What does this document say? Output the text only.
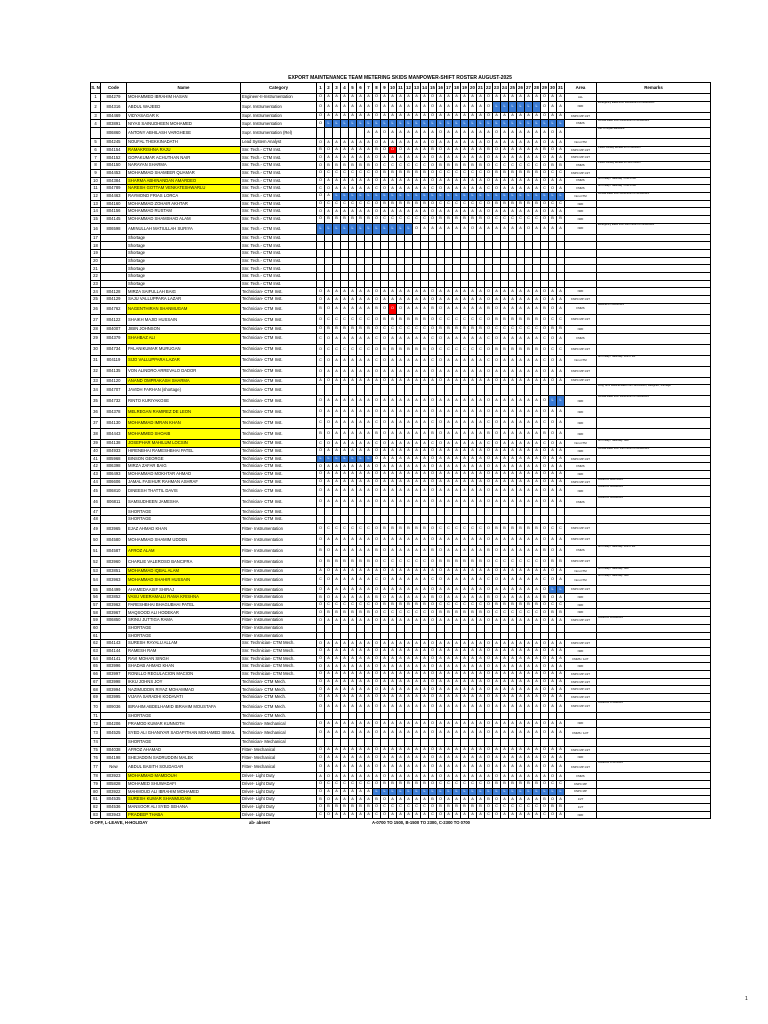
EXPORT MAINTENANCE TEAM METERING SKIDS MANPOWER-SHIFT ROSTER AUGUST-2025
S. N	Code	Name	Category	1	2	3	4	5	6	7	8	9	10	11	12	13	14	15	16	17	18	19	20	21	22	23	24	25	26	27	28	29	30	31	Area	Remarks
1	804279	MOHAMMED IBRAHIM HASAN	Engineer-II-Instrumentation	O	A	A	A	A	A	A	O	A	A	A	A	A	A	O	A	A	A	A	A	A	O	A	A	A	A	A	A	O	A	A	ALL	
2	804316	ABDUL WAJEED	Supr. Instrumentation	O	A	A	A	A	A	A	O	A	A	A	A	A	A	O	A	A	A	A	A	A	O	L	L	L	L	L	L	O	A	A	NRF	Emergency leave-from 18/08/2025 to 28/08/2025
3	804469	VIDYASAGAR K	Supr. Instrumentation	O	A	A	A	A	A	A	O	A	A	A	A	A	A	O	A	A	A	A	A	A	O	A	A	A	A	A	A	O	A	A	KNPC MP 1/2T	
4	803891	NIYAS SAINUDHEEN MOHAMED	Supr. Instrumentation	O	L	L	L	L	L	L	L	L	L	L	L	L	L	L	L	L	L	L	L	L	L	L	L	L	L	L	L	L	L	L	FMMS	Annual leave from 03/08/2025 to 10/09/2025
	806860	ANTONY ABHILASH VARGHESE	Supr. Instrumentation (Rel)							A	A	O	A	A	A	A	A	A	O	A	A	A	A	A	A	O	A	A	A	A	A	A	O	A		Rel. of Niyas Sainudhe
5	804245	NOUFAL THEKKINADATH	Lead System Analyst	O	A	A	A	A	A	A	O	A	A	A	A	A	A	O	A	A	A	A	A	A	O	A	A	A	A	A	A	O	A	A	Non-CTM	
6	804154	RAMAKRISHNA RAJU	Snr. Tech.- CTM Inst.	B	O	A	A	A	A	A	B	O	O	O	A	A	A	B	O	A	A	A	A	A	B	O	A	A	A	A	A	B	O	A	KNPC MP 1/2T	Public holiday worked on 07/08/2025
7	804152	GOPAKUMAR ACHUTHAN NAIR	Snr. Tech.- CTM Inst.	O	A	A	A	A	A	A	O	A	A	A	A	A	A	O	A	A	A	A	A	A	O	A	A	A	A	A	A	O	A	A	KNPC MP 1/2T	
8	804150	NARAYAN SHARMA	Snr. Tech.- CTM Inst.	O	B	B	B	B	B	B	O	C	C	C	C	C	C	O	B	B	B	B	B	B	O	C	C	C	C	C	C	O	B	B	FMMS	Public holiday worked on 31/07/2025
9	804453	MOHAMMAD SHAMEER QUAMAR	Snr. Tech.- CTM Inst.	O	C	C	C	C	C	C	O	B	B	B	B	B	B	O	C	C	C	C	C	C	O	B	B	B	B	B	B	O	C	C	KNPC MP 1/2T	
10	804384	SHARMA ABHINANDAN AMARDEO	Snr. Tech.- CTM Inst.	O	A	A	A	A	A	A	O	A	A	A	A	A	A	O	A	A	A	A	A	A	O	A	A	A	A	A	A	O	A	A	FMMS	8hr Friday / Saturday - KNPC MP
11	804789	NARESH GOTTAM VENKATESHWARLU	Snr. Tech.- CTM Inst.	C	O	A	A	A	A	A	C	O	A	A	A	A	A	C	O	A	A	A	A	A	C	O	A	A	A	A	A	C	O	A	FMMS	8hr Friday / Saturday - KNPC MP
12	804463	RAYMOND FRIAS LORCA	Snr. Tech.- CTM Inst.	O	A	L	L	L	L	L	L	L	L	L	L	L	L	L	L	L	L	L	L	L	L	L	L	L	L	L	L	L	L	L	Non-CTM	Annual leave from 02/08/2025 to 10/09/2025
13	804160	MOHAMMAD ZOHAIR AKHTAR	Snr. Tech.- CTM Inst.	O	C	C	C	C	C	C	O	B	B	B	B	B	B	O	C	C	C	C	C	C	O	B	B	B	B	B	B	O	C	C	NRF	
14	804156	MOHAMMAD RUSTAM	Snr. Tech.- CTM Inst.	O	A	A	A	A	A	A	O	A	A	A	A	A	A	O	A	A	A	A	A	A	O	A	A	A	A	A	A	O	A	A	NRF	
15	804145	MOHAMMAD SHAMSHAD ALAM	Snr. Tech.- CTM Inst.	O	B	B	B	B	B	B	O	C	C	C	C	C	C	O	B	B	B	B	B	B	O	C	C	C	C	C	C	O	B	B	NRF	
16	806598	AMINULLAH MATIULLAH SURIYA	Snr. Tech.- CTM Inst.	L	L	L	L	L	L	L	L	L	L	L	L	O	A	A	A	A	A	A	O	A	A	A	A	A	A	O	A	A	A	A	NRF	Emergency leave from 28/07/2025 to 12/08/2025
17		Shortage	Snr. Tech.- CTM Inst.																																	
18		Shortage	Snr. Tech.- CTM Inst.																																	
19		Shortage	Snr. Tech.- CTM Inst.																																	
20		Shortage	Snr. Tech.- CTM Inst.																																	
21		Shortage	Snr. Tech.- CTM Inst.																																	
22		Shortage	Snr. Tech.- CTM Inst.																																	
23		Shortage	Snr. Tech.- CTM Inst.																																	
24	804128	MIRZA SAIFULLAH BAIG	Technician- CTM Inst.	O	A	A	A	A	A	A	O	A	A	A	A	A	A	O	A	A	A	A	A	A	O	A	A	A	A	A	A	O	A	A	NRF	
25	804129	SAJU VALLUPPARA LAZAR	Technician- CTM Inst.	O	A	A	A	A	A	A	O	A	A	A	A	A	A	O	A	A	A	A	A	A	O	A	A	A	A	A	A	O	A	A	KNPC MP 1/2T	
26	804762	NAGENTHIRAN SHANMUGAM	Technician- CTM Inst.	B	O	A	A	A	A	A	B	O	O	O	A	A	A	B	O	A	A	A	A	A	B	O	A	A	A	A	A	B	O	A	FMMS	Medical on 11/08/2025
27	804122	SHAIKH MAJID HUSSAIN	Technician- CTM Inst.	O	C	C	C	C	C	C	O	B	B	B	B	B	B	O	C	C	C	C	C	C	O	B	B	B	B	B	B	O	C	C	KNPC MP 1/2T	
28	804007	JIBIN JOHNSON	Technician- CTM Inst.	O	B	B	B	B	B	B	O	C	C	C	C	C	C	O	B	B	B	B	B	B	O	C	C	C	C	C	C	O	B	B	NRF	
29	804379	SHAHBAZ ALI	Technician- CTM Inst.	C	O	A	A	A	A	A	C	O	A	A	A	A	A	C	O	A	A	A	A	A	C	O	A	A	A	A	A	C	O	A	FMMS	
30	804734	PALANIKUMAR MURUGAN	Technician- CTM Inst.	O	C	C	C	C	C	C	O	B	B	B	B	B	B	O	C	C	C	C	C	C	O	B	B	B	B	B	B	O	C	C	KNPC MP 1/2T	
31	804119	SIJO VALLUPPARA LAZAR	Technician- CTM Inst.	C	O	A	A	A	A	A	C	O	A	A	A	A	A	C	O	A	A	A	A	A	C	O	A	A	A	A	A	C	O	A	Non-CTM	8hr Friday / Saturday- KNPC MP
32	804135	VON ALINDRO ARREVALO DADOR	Technician- CTM Inst.	O	A	A	A	A	A	A	O	A	A	A	A	A	A	O	A	A	A	A	A	A	O	A	A	A	A	A	A	O	A	A	KNPC MP 1/2T	
33	804120	ANAND OMPRAKASH SHARMA	Technician- CTM Inst.	A	O	A	A	A	A	A	A	O	A	A	A	A	A	A	O	A	A	A	A	A	A	O	A	A	A	A	A	A	O	A	KNPC MP 1/2T	
34	804707	JAVIDH FARHAN (shortage)	Technician- CTM Inst.																																	Long Term Medical leave from 12/05/2025, Resigned, Shortage
35	804732	RINTO KURIYAKOSE	Technician- CTM Inst.	O	A	A	A	A	A	A	O	A	A	A	A	A	A	O	A	A	A	A	A	A	O	A	A	A	A	A	A	O	L	L	NRF	Annual leave from 30/08/2025 to 11/09/2025
36	804378	MELREGAN RAMIREZ DE LEON	Technician- CTM Inst.	O	A	A	A	A	A	A	O	A	A	A	A	A	A	O	A	A	A	A	A	A	O	A	A	A	A	A	A	O	A	A	NRF	
37	804130	MOHAMMAD IMRAN KHAN	Technician- CTM Inst.	C	O	A	A	A	A	A	C	O	A	A	A	A	A	C	O	A	A	A	A	A	C	O	A	A	A	A	A	C	O	A	NRF	
38	804443	MOHAMMED SHOAIB	Technician- CTM Inst.	B	O	A	A	A	A	A	B	O	A	A	A	A	A	B	O	A	A	A	A	A	B	O	A	A	A	A	A	B	O	A	NRF	
39	804138	JOSEPHAR MAHILUM LOCSIN	Technician- CTM Inst.	C	O	A	A	A	A	A	C	O	A	A	A	A	A	C	O	A	A	A	A	A	C	O	A	A	A	A	A	C	O	A	Non-CTM	8hr Friday / Saturday- NRF
40	804933	HIRENBHAI RAMESHBHAI PATEL	Technician- CTM Inst.	O	A	A	A	A	A	A	O	A	A	A	A	A	A	O	A	A	A	A	A	A	O	A	A	A	A	A	A	O	A	A	NRF	Annual leave from 14/07/2025 to 04/08/2025
41	805968	BINSON GEORGE	Technician- CTM Inst.	L	L	L	L	L	L	L	O	A	A	A	A	A	A	O	A	A	A	A	A	A	O	A	A	A	A	A	A	O	A	A	KNPC MP 1/2T	
42	806398	MIRZA ZAFAR BAIG	Technician- CTM Inst.	O	A	A	A	A	A	A	O	A	A	A	A	A	A	O	A	A	A	A	A	A	O	A	A	A	A	A	A	O	A	A	FMMS	
43	806493	MOHAMMAD MOKHTAR AHMAD	Technician- CTM Inst.	O	A	A	A	A	A	A	O	A	A	A	A	A	A	O	A	A	A	A	A	A	O	A	A	A	A	A	A	O	A	A	NRF	
44	806606	JAMAL FASIHUR RAHMAN ASHRAF	Technician- CTM Inst.	O	A	A	A	A	A	A	O	A	A	A	A	A	A	O	A	A	A	A	A	A	O	A	A	A	A	A	A	O	A	A	KNPC MP 1/2T	Joined on 30/07/2025
45	806810	DINEESH THATTIL DAVIS	Technician- CTM Inst.	O	A	A	A	A	A	A	O	A	A	A	A	A	A	O	A	A	A	A	A	A	O	A	A	A	A	A	A	O	A	A	NRF	Joined on 06/08/2025
46	806811	SAMSUDHEEN JAMESHA	Technician- CTM Inst.	O	A	A	A	A	A	A	O	A	A	A	A	A	A	O	A	A	A	A	A	A	O	A	A	A	A	A	A	O	A	A	FMMS	Joined on 06/08/2025
47		SHORTAGE	Technician- CTM Inst.																																	
48		SHORTAGE	Technician- CTM Inst.																																	
49	803965	EJAZ AHMAD KHAN	Fitter- Instrumentation	O	C	C	C	C	C	C	O	B	B	B	B	B	B	O	C	C	C	C	C	C	O	B	B	B	B	B	B	O	C	C	KNPC MP 1/2T	
50	804580	MOHAMMAD SHAMIM UDDEN	Fitter- Instrumentation	O	A	A	A	A	A	A	O	A	A	A	A	A	A	O	A	A	A	A	A	A	O	A	A	A	A	A	A	O	A	A	KNPC MP 1/2T	
51	804587	AFROZ ALAM	Fitter- Instrumentation	B	O	A	A	A	A	A	B	O	A	A	A	A	A	B	O	A	A	A	A	A	B	O	A	A	A	A	A	B	O	A	FMMS	8hr Friday / Saturday- KNPC MP
52	803960	CHARLIE VALEROSO BANCIFRA	Fitter- Instrumentation	O	B	B	B	B	B	B	O	C	C	C	C	C	C	O	B	B	B	B	B	B	O	C	C	C	C	C	C	O	B	B	KNPC MP 1/2T	
53	803851	MOHAMMAD IQBAL ALAM	Fitter- Instrumentation	A	O	A	A	A	A	A	A	O	A	A	A	A	A	A	O	A	A	A	A	A	A	O	A	A	A	A	A	A	O	A	Non-CTM	8hr Friday / Saturday- NRF
54	803963	MOHAMMAD SHAHIR HUSSAIN	Fitter- Instrumentation	C	O	A	A	A	A	A	C	O	A	A	A	A	A	C	O	A	A	A	A	A	C	O	A	A	A	A	A	C	O	A	Non-CTM	8hr Friday / Saturday- NRF
55	804499	AHAMEDAASIF SHIRAJ	Fitter- Instrumentation	O	A	A	A	A	A	A	O	A	A	A	A	A	A	O	A	A	A	A	A	A	O	A	A	A	A	A	A	O	L	L	KNPC MP 1/2T	
56	803852	VASU VEERAMALU RAMA KRISHNA	Fitter- Instrumentation	B	O	A	A	A	A	A	B	O	A	A	A	A	A	B	O	A	A	A	A	A	B	O	A	A	A	A	A	B	O	A	NRF	
57	803962	PARESHBHAI BHAGUBHAI PATEL	Fitter- Instrumentation	O	C	C	C	C	C	C	O	B	B	B	B	B	B	O	C	C	C	C	C	C	O	B	B	B	B	B	B	O	C	C	NRF	
58	803967	MAQSOOD ALI HODEKAR	Fitter- Instrumentation	O	B	B	B	B	B	B	O	C	C	C	C	C	C	O	B	B	B	B	B	B	O	C	C	C	C	C	C	O	B	B	NRF	
59	806850	SRINU JUTTIGA RAMA	Fitter- Instrumentation	O	A	A	A	A	A	A	O	A	A	A	A	A	A	O	A	A	A	A	A	A	O	A	A	A	A	A	A	O	A	A	KNPC MP 1/2T	Joined on 12/08/2025
60		SHORTAGE	Fitter- Instrumentation																																	
61		SHORTAGE	Fitter- Instrumentation																																	
62	804143	SURESH RAYALU ALLAM	Snr. Technician- CTM Mech.	O	A	A	A	A	A	A	O	A	A	A	A	A	A	O	A	A	A	A	A	A	O	A	A	A	A	A	A	O	A	A	KNPC MP 1/2T	
63	804144	RAMESH RAM	Snr. Technician- CTM Mech.	O	A	A	A	A	A	A	O	A	A	A	A	A	A	O	A	A	A	A	A	A	O	A	A	A	A	A	A	O	A	A	NRF	
64	804141	RAVI MOHAN SINGH	Snr. Technician- CTM Mech.	O	A	A	A	A	A	A	O	A	A	A	A	A	A	O	A	A	A	A	A	A	O	A	A	A	A	A	A	O	A	A	FMMS / 1/2T	
65	803996	SHADAB AHMAD KHAN	Snr. Technician- CTM Mech.	O	A	A	A	A	A	A	O	A	A	A	A	A	A	O	A	A	A	A	A	A	O	A	A	A	A	A	A	O	A	A	NRF	
66	803997	RONILLO REGULACION MACION	Snr. Technician- CTM Mech.	O	A	A	A	A	A	A	O	A	A	A	A	A	A	O	A	A	A	A	A	A	O	A	A	A	A	A	A	O	A	A	KNPC MP 1/2T	
67	803998	IKKU JOHNS JOY	Technician- CTM Mech.	O	A	A	A	A	A	A	O	A	A	A	A	A	A	O	A	A	A	A	A	A	O	A	A	A	A	A	A	O	A	A	KNPC MP 1/2T	
68	803994	NAZIMUDDIN RIYAZ MOHAMMAD	Technician- CTM Mech.	O	A	A	A	A	A	A	O	A	A	A	A	A	A	O	A	A	A	A	A	A	O	A	A	A	A	A	A	O	A	A	KNPC MP 1/2T	
69	803995	VIJAYA SARADHI KODAVATI	Technician- CTM Mech.	O	A	A	A	A	A	A	O	A	A	A	A	A	A	O	A	A	A	A	A	A	O	A	A	A	A	A	A	O	A	A	KNPC MP 1/2T	
70	809036	IBRAHIM ABDELHAMID IBRAHIM MOUSTAFA	Technician- CTM Mech.	O	A	A	A	A	A	A	O	A	A	A	A	A	A	O	A	A	A	A	A	A	O	A	A	A	A	A	A	O	A	A	KNPC MP 1/2T	Joined on 07/08/2025
71		SHORTAGE	Technician- CTM Mech.																																	
72	804206	PRAMOD KUMAR KUNNOTH	Technician- Mechanical	O	A	A	A	A	A	A	O	A	A	A	A	A	A	O	A	A	A	A	A	A	O	A	A	A	A	A	A	O	A	A	NRF	
73	804525	SYED ALI GHANIYAR SADAPITHAN MOHAMED ISMAIL	Technician- Mechanical	O	A	A	A	A	A	A	O	A	A	A	A	A	A	O	A	A	A	A	A	A	O	A	A	A	A	A	A	O	A	A	FMMS / 1/2T	
74		SHORTAGE	Technician- Mechanical																																	
75	804038	AFROZ AHAMAD	Fitter- Mechanical	O	A	A	A	A	A	A	O	A	A	A	A	A	A	O	A	A	A	A	A	A	O	A	A	A	A	A	A	O	A	A	KNPC MP 1/2T	
76	804198	SHEJADDIN SADRUDDIN MALEK	Fitter- Mechanical	O	A	A	A	A	A	A	O	A	A	A	A	A	A	O	A	A	A	A	A	A	O	A	A	A	A	A	A	O	A	A	NRF	
77	New	ABDUL BASITH SOUDAGAR	Fitter- Mechanical	O	A	A	A	A	A	A	O	A	A	A	A	A	A	O	A	A	A	A	A	A	O	A	A	A	A	A	A	O	A	A	KNPC MP 1/2T	Joined on 07/07/2025
78	803923	MOHAMMAD MAMDOUH	Driver- Light Duty	A	O	A	A	A	A	A	A	O	A	A	A	A	A	A	O	A	A	A	A	A	A	O	A	A	A	A	A	A	O	A	FMMS	
79	805828	MOHAMED SHUWADAFI	Driver- Light Duty	O	C	C	C	C	C	C	O	B	B	B	B	B	B	O	C	C	C	C	C	C	O	B	B	B	B	B	B	O	C	C	KNPC MP	
80	803922	MAHMOUD ALI IBRAHIM MOHAMED	Driver- Light Duty	O	A	A	A	A	A	A	L	L	L	L	L	L	L	L	L	L	L	L	L	L	L	L	L	L	L	L	L	L	L	L	KNPC MP	
81	804535	SURESH KUMAR SHANMUGAM	Driver- Light Duty	B	O	A	A	A	A	A	B	O	A	A	A	A	A	B	O	A	A	A	A	A	B	O	A	A	A	A	A	B	O	A	1/2T	
82	804536	MANSOOR ALI SYED SEHANA	Driver- Light Duty	O	B	B	B	B	B	B	O	C	C	C	C	C	C	O	B	B	B	B	B	B	O	C	C	C	C	C	C	O	B	B	1/2T	
83	803943	PRADEEP THABA	Driver- Light Duty	C	O	A	A	A	A	A	C	O	A	A	A	A	A	C	O	A	A	A	A	A	C	O	A	A	A	A	A	C	O	A	NRF	
O-OFF, L-LEAVE, H-HOLIDAY	ab- absent	A-0700 TO 1500, B-1500 TO 2300, C-2300 TO 0700
1
